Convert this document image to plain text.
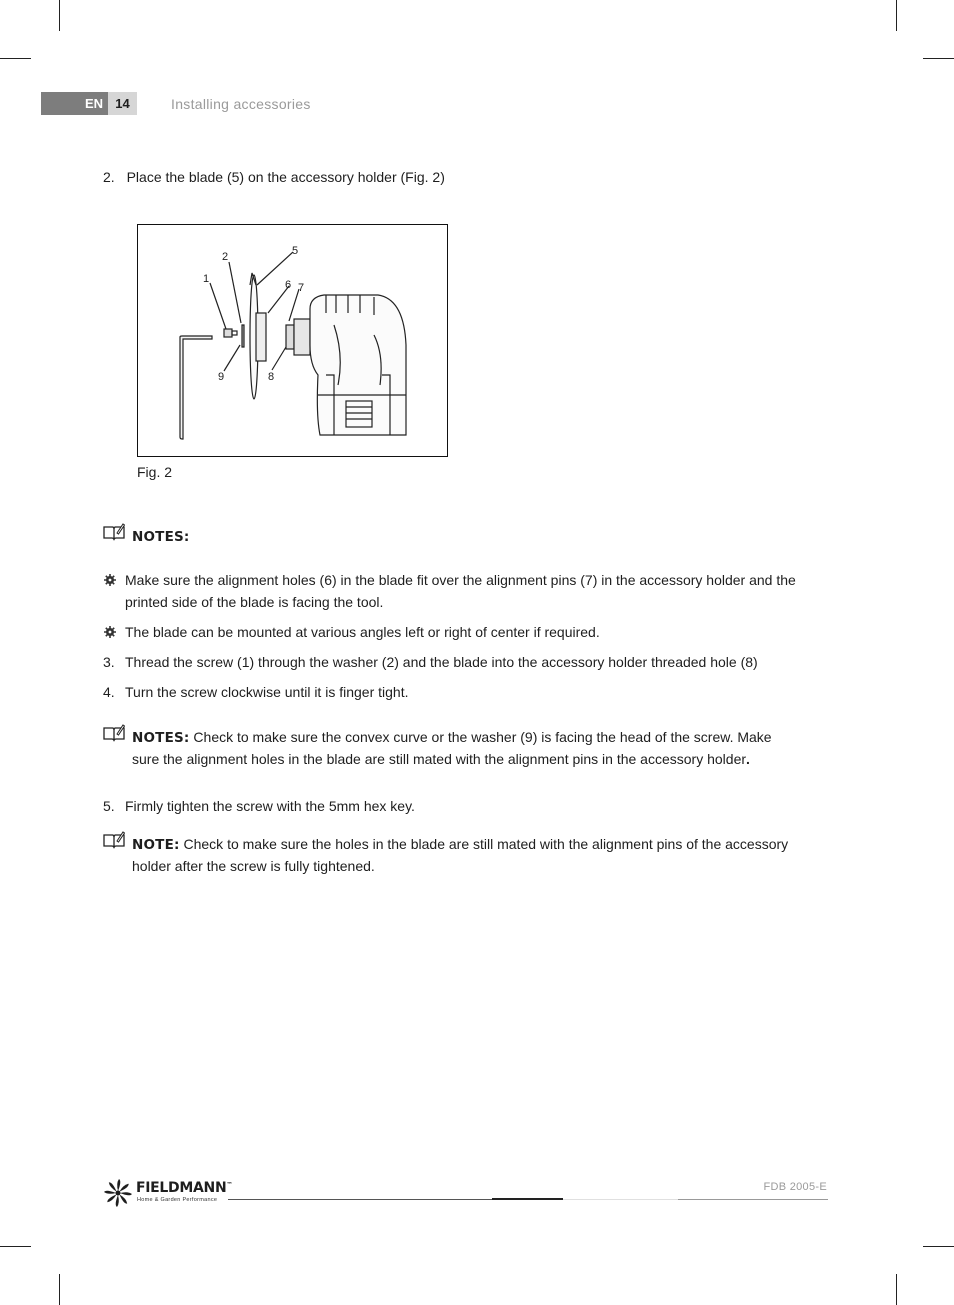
EN 14	Installing accessories
2. Place the blade (5) on the accessory holder (Fig. 2)
Fig. 2
1
2	5
6 7
8
9
NOTES:
Make sure the alignment holes (6) in the blade fit over the alignment pins (7) in the accessory holder and the
printed side of the blade is facing the tool.
The blade can be mounted at various angles left or right of center if required.
3. Thread the screw (1) through the washer (2) and the blade into the accessory holder threaded hole (8)
4. Turn the screw clockwise until it is finger tight.
NOTES: Check to make sure the convex curve or the washer (9) is facing the head of the screw. Make
sure the alignment holes in the blade are still mated with the alignment pins in the accessory holder.
5. Firmly tighten the screw with the 5mm hex key.
NOTE: Check to make sure the holes in the blade are still mated with the alignment pins of the accessory
holder after the screw is fully tightened.
FIELDMANN™
Home & Garden Performance
FDB 2005-E
